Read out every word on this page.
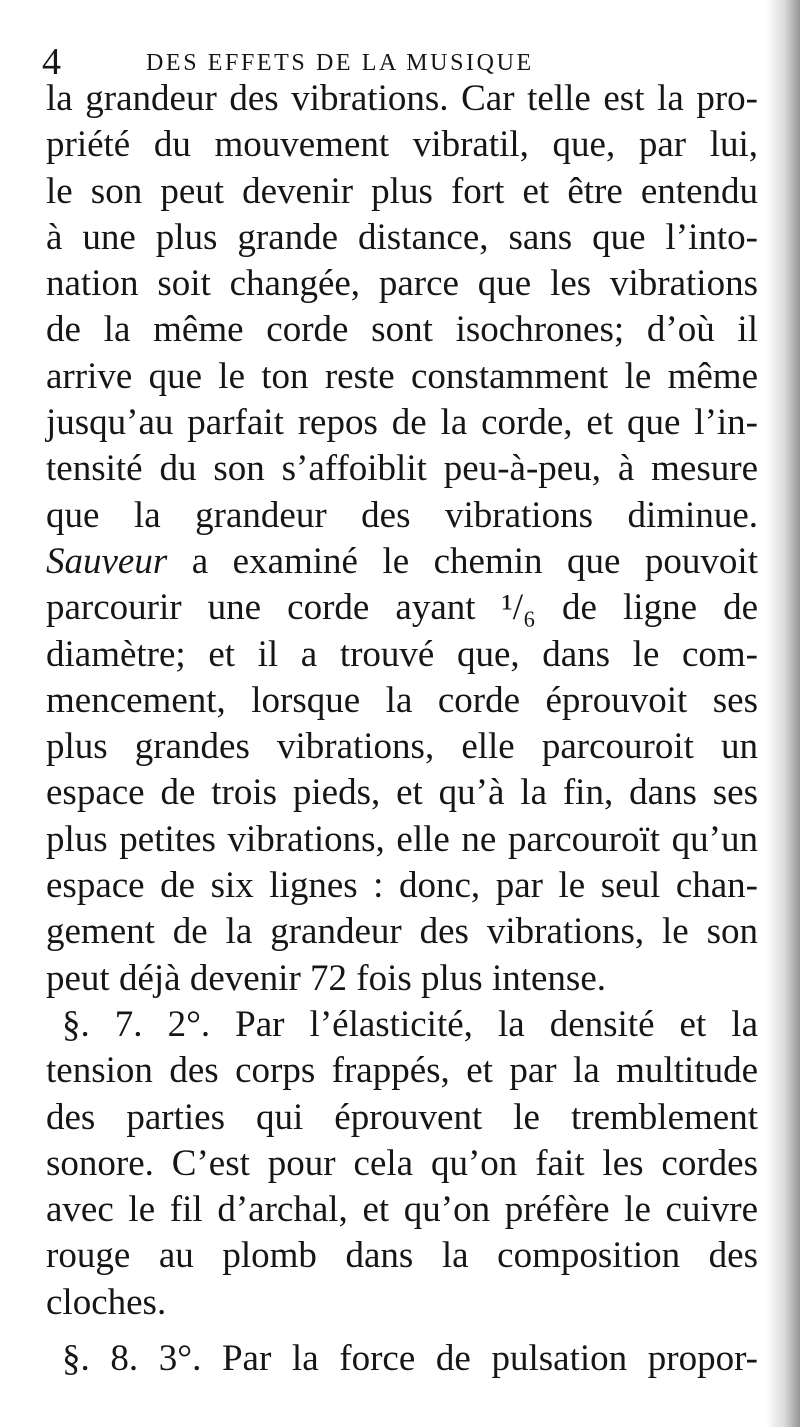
4	DES EFFETS DE LA MUSIQUE
la grandeur des vibrations. Car telle est la pro-
priété du mouvement vibratil, que, par lui,
le son peut devenir plus fort et être entendu
à une plus grande distance, sans que l’into-
nation soit changée, parce que les vibrations
de la même corde sont isochrones; d’où il
arrive que le ton reste constamment le même
jusqu’au parfait repos de la corde, et que l’in-
tensité du son s’affoiblit peu-à-peu, à mesure
que la grandeur des vibrations diminue.
Sauveur a examiné le chemin que pouvoit
parcourir une corde ayant ¹/₆ de ligne de
diamètre; et il a trouvé que, dans le com-
mencement, lorsque la corde éprouvoit ses
plus grandes vibrations, elle parcouroit un
espace de trois pieds, et qu’à la fin, dans ses
plus petites vibrations, elle ne parcouroït qu’un
espace de six lignes : donc, par le seul chan-
gement de la grandeur des vibrations, le son
peut déjà devenir 72 fois plus intense.
§. 7. 2°. Par l’élasticité, la densité et la
tension des corps frappés, et par la multitude
des parties qui éprouvent le tremblement
sonore. C’est pour cela qu’on fait les cordes
avec le fil d’archal, et qu’on préfère le cuivre
rouge au plomb dans la composition des
cloches.
§. 8. 3°. Par la force de pulsation propor-
